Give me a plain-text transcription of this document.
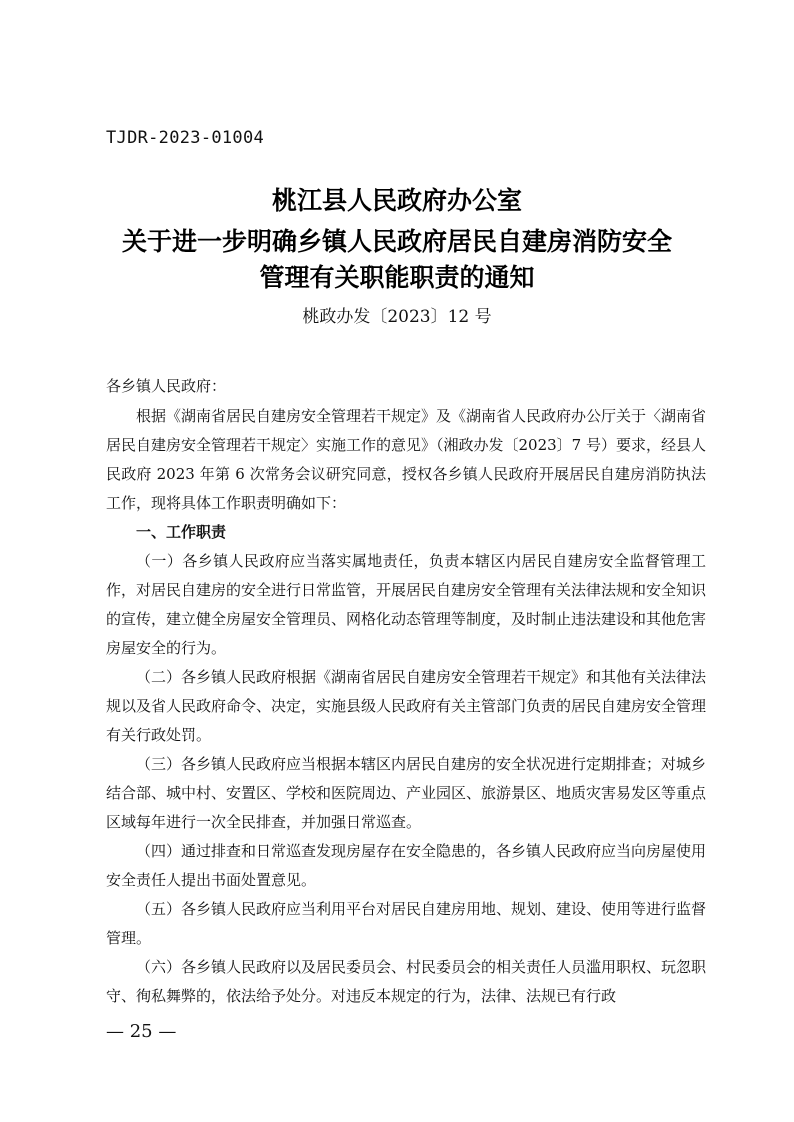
TJDR-2023-01004
桃江县人民政府办公室
关于进一步明确乡镇人民政府居民自建房消防安全
管理有关职能职责的通知
桃政办发〔2023〕12 号

各乡镇人民政府：

根据《湖南省居民自建房安全管理若干规定》及《湖南省人民政府办公厅关于〈湖南省居民自建房安全管理若干规定〉实施工作的意见》（湘政办发〔2023〕7 号）要求，经县人民政府 2023 年第 6 次常务会议研究同意，授权各乡镇人民政府开展居民自建房消防执法工作，现将具体工作职责明确如下：

一、工作职责

（一）各乡镇人民政府应当落实属地责任，负责本辖区内居民自建房安全监督管理工作，对居民自建房的安全进行日常监管，开展居民自建房安全管理有关法律法规和安全知识的宣传，建立健全房屋安全管理员、网格化动态管理等制度，及时制止违法建设和其他危害房屋安全的行为。

（二）各乡镇人民政府根据《湖南省居民自建房安全管理若干规定》和其他有关法律法规以及省人民政府命令、决定，实施县级人民政府有关主管部门负责的居民自建房安全管理有关行政处罚。

（三）各乡镇人民政府应当根据本辖区内居民自建房的安全状况进行定期排查；对城乡结合部、城中村、安置区、学校和医院周边、产业园区、旅游景区、地质灾害易发区等重点区域每年进行一次全民排查，并加强日常巡查。

（四）通过排查和日常巡查发现房屋存在安全隐患的，各乡镇人民政府应当向房屋使用安全责任人提出书面处置意见。

（五）各乡镇人民政府应当利用平台对居民自建房用地、规划、建设、使用等进行监督管理。

（六）各乡镇人民政府以及居民委员会、村民委员会的相关责任人员滥用职权、玩忽职守、徇私舞弊的，依法给予处分。对违反本规定的行为，法律、法规已有行政

— 25 —
